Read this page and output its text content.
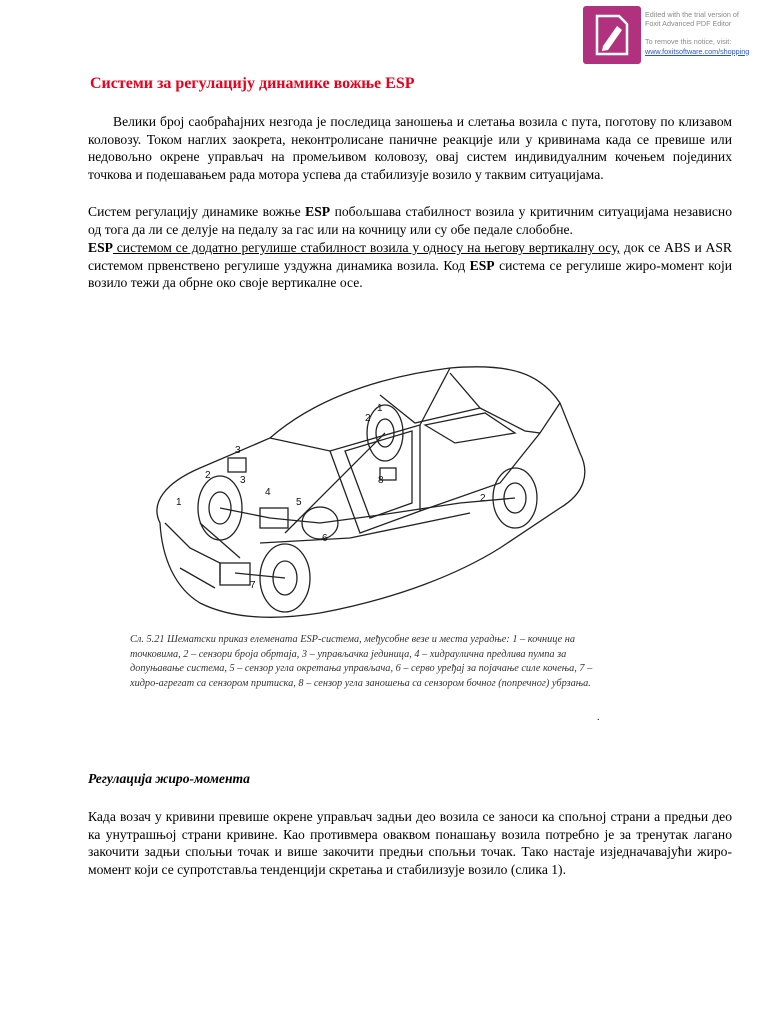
Edited with the trial version of
Foxit Advanced PDF Editor
To remove this notice, visit:
www.foxitsoftware.com/shopping
Системи за регулацију динамике вожње ESP

Велики број саобраћајних незгода је последица заношења и слетања возила с пута, поготову по клизавом коловозу. Током наглих заокрета, неконтролисане паничне реакције или у кривинама када се превише или недовољно окрене управљач на промељивом коловозу, овај систем индивидуалним кочењем појединих точкова и подешавањем рада мотора успева да стабилизује возило у таквим ситуацијама.

Систем регулацију динамике вожње ESP побољшава стабилност возила у критичним ситуацијама независно од тога да ли се делује на педалу за гас или на кочницу или су обе педале слобобне.

ESP системом се додатно регулише стабилност возила у односу на његову вертикалну осу, док се ABS и ASR системом првенствено регулише уздужна динамика возила. Код ESP система се регулише жиро-момент који возило тежи да обрне око своје вертикалне осе.

1
2
3
4
5
6
7
8
1
2
2
3
Сл. 5.21 Шематски приказ елемената ESP-система, међусобне везе и места уградње: 1 – кочнице на точковима, 2 – сензори броја обртаја, 3 – управљачка јединица, 4 – хидраулична предлива пумпа за допуњавање система, 5 – сензор угла окретања управљача, 6 – серво уређај за појачање силе кочења, 7 – хидро-агрегат са сензором притиска, 8 – сензор угла заношења са сензором бочног (попречног) убрзања.
.
Регулација жиро-момента

Када возач у кривини превише окрене управљач задњи део возила се заноси ка спољној страни а предњи део ка унутрашњој страни кривине. Као противмера оваквом понашању возила потребно је за тренутак лагано закочити задњи спољњи точак и више закочити предњи спољњи точак. Тако настаје изједначавајући жиро-момент који се супротставља тенденцији скретања и стабилизује возило (слика 1).
